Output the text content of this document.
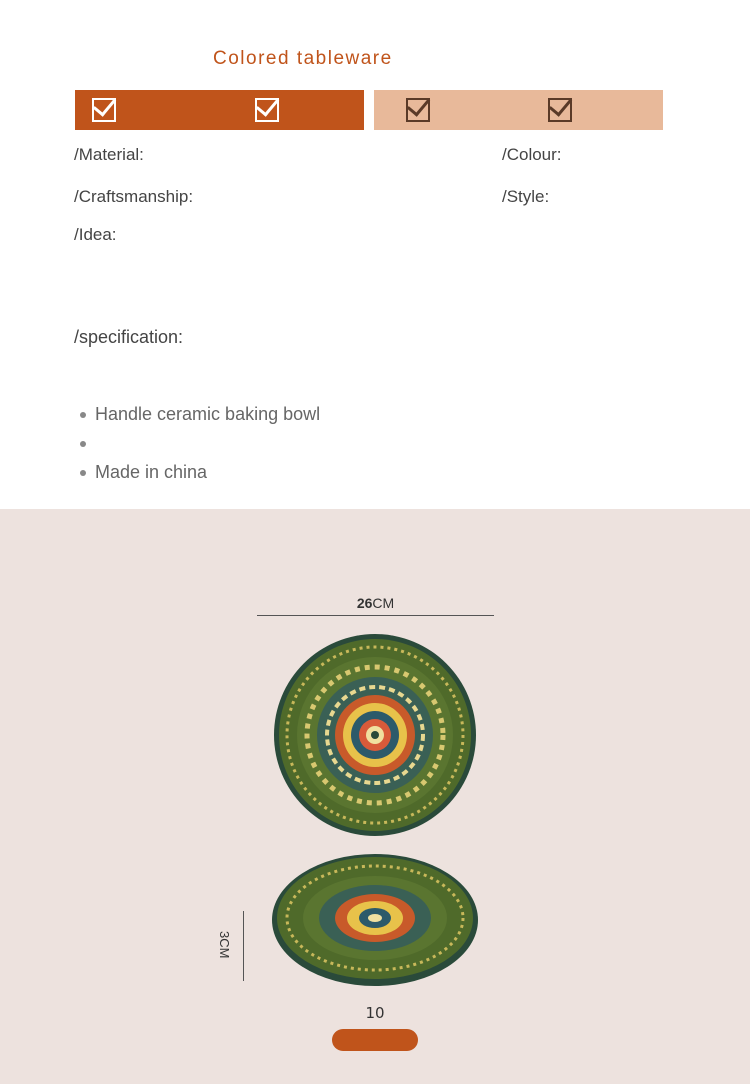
Colored tableware
/Material:	/Colour:
/Craftsmanship:	/Style:
/Idea:
/specification:
Handle ceramic baking bowl
Made in china
26CM
3CM
10
